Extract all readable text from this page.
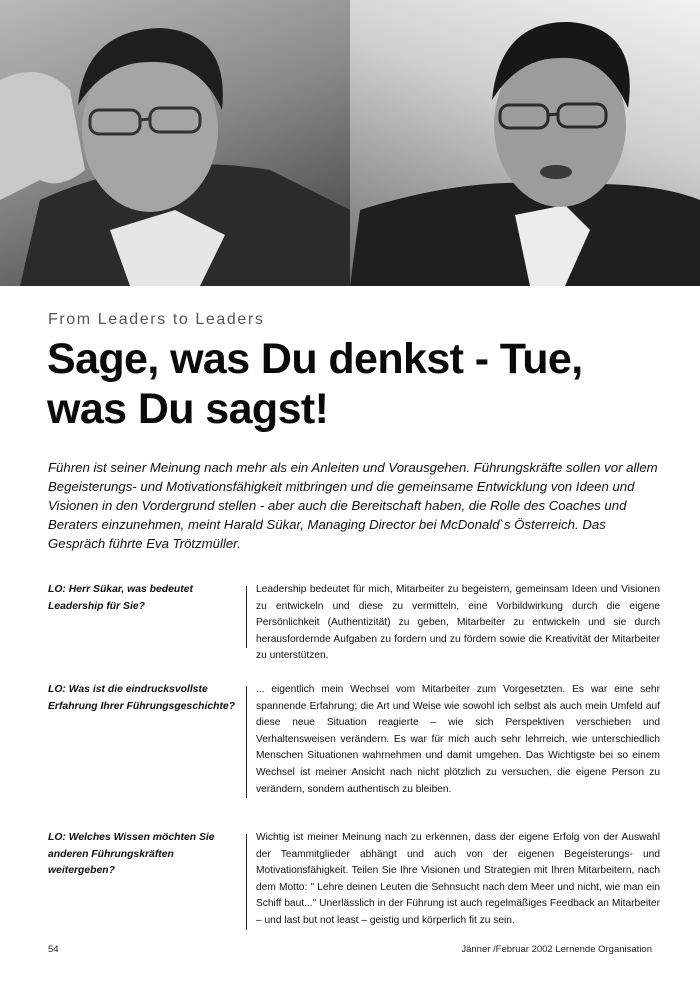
From Leaders to Leaders
Sage, was Du denkst - Tue, was Du sagst!

Führen ist seiner Meinung nach mehr als ein Anleiten und Vorausgehen. Führungskräfte sollen vor allem Begeisterungs- und Motivationsfähigkeit mitbringen und die gemeinsame Entwicklung von Ideen und Visionen in den Vordergrund stellen - aber auch die Bereitschaft haben, die Rolle des Coaches und Beraters einzunehmen, meint Harald Sükar, Managing Director bei McDonald`s Österreich. Das Gespräch führte Eva Trötzmüller.

LO: Herr Sükar, was bedeutet Leadership für Sie?

Leadership bedeutet für mich, Mitarbeiter zu begeistern, gemeinsam Ideen und Visionen zu entwickeln und diese zu vermitteln, eine Vorbildwirkung durch die eigene Persönlichkeit (Authentizität) zu geben, Mitarbeiter zu entwickeln und sie durch herausfordernde Aufgaben zu fordern und zu fördern sowie die Kreativität der Mitarbeiter zu unterstützen.

LO: Was ist die eindrucksvollste Erfahrung Ihrer Führungsgeschichte?

... eigentlich mein Wechsel vom Mitarbeiter zum Vorgesetzten. Es war eine sehr spannende Erfahrung; die Art und Weise wie sowohl ich selbst als auch mein Umfeld auf diese neue Situation reagierte – wie sich Perspektiven verschieben und Verhaltensweisen verändern. Es war für mich auch sehr lehrreich, wie unterschiedlich Menschen Situationen wahrnehmen und damit umgehen. Das Wichtigste bei so einem Wechsel ist meiner Ansicht nach nicht plötzlich zu versuchen, die eigene Person zu verändern, sondern authentisch zu bleiben.

LO: Welches Wissen möchten Sie anderen Führungskräften weitergeben?

Wichtig ist meiner Meinung nach zu erkennen, dass der eigene Erfolg von der Auswahl der Teammitglieder abhängt und auch von der eigenen Begeisterungs- und Motivationsfähigkeit. Teilen Sie Ihre Visionen und Strategien mit Ihren Mitarbeitern, nach dem Motto: " Lehre deinen Leuten die Sehnsucht nach dem Meer und nicht, wie man ein Schiff baut..." Unerlässlich in der Führung ist auch regelmäßiges Feedback an Mitarbeiter – und last but not least – geistig und körperlich fit zu sein.

54	Jänner /Februar 2002 Lernende Organisation
